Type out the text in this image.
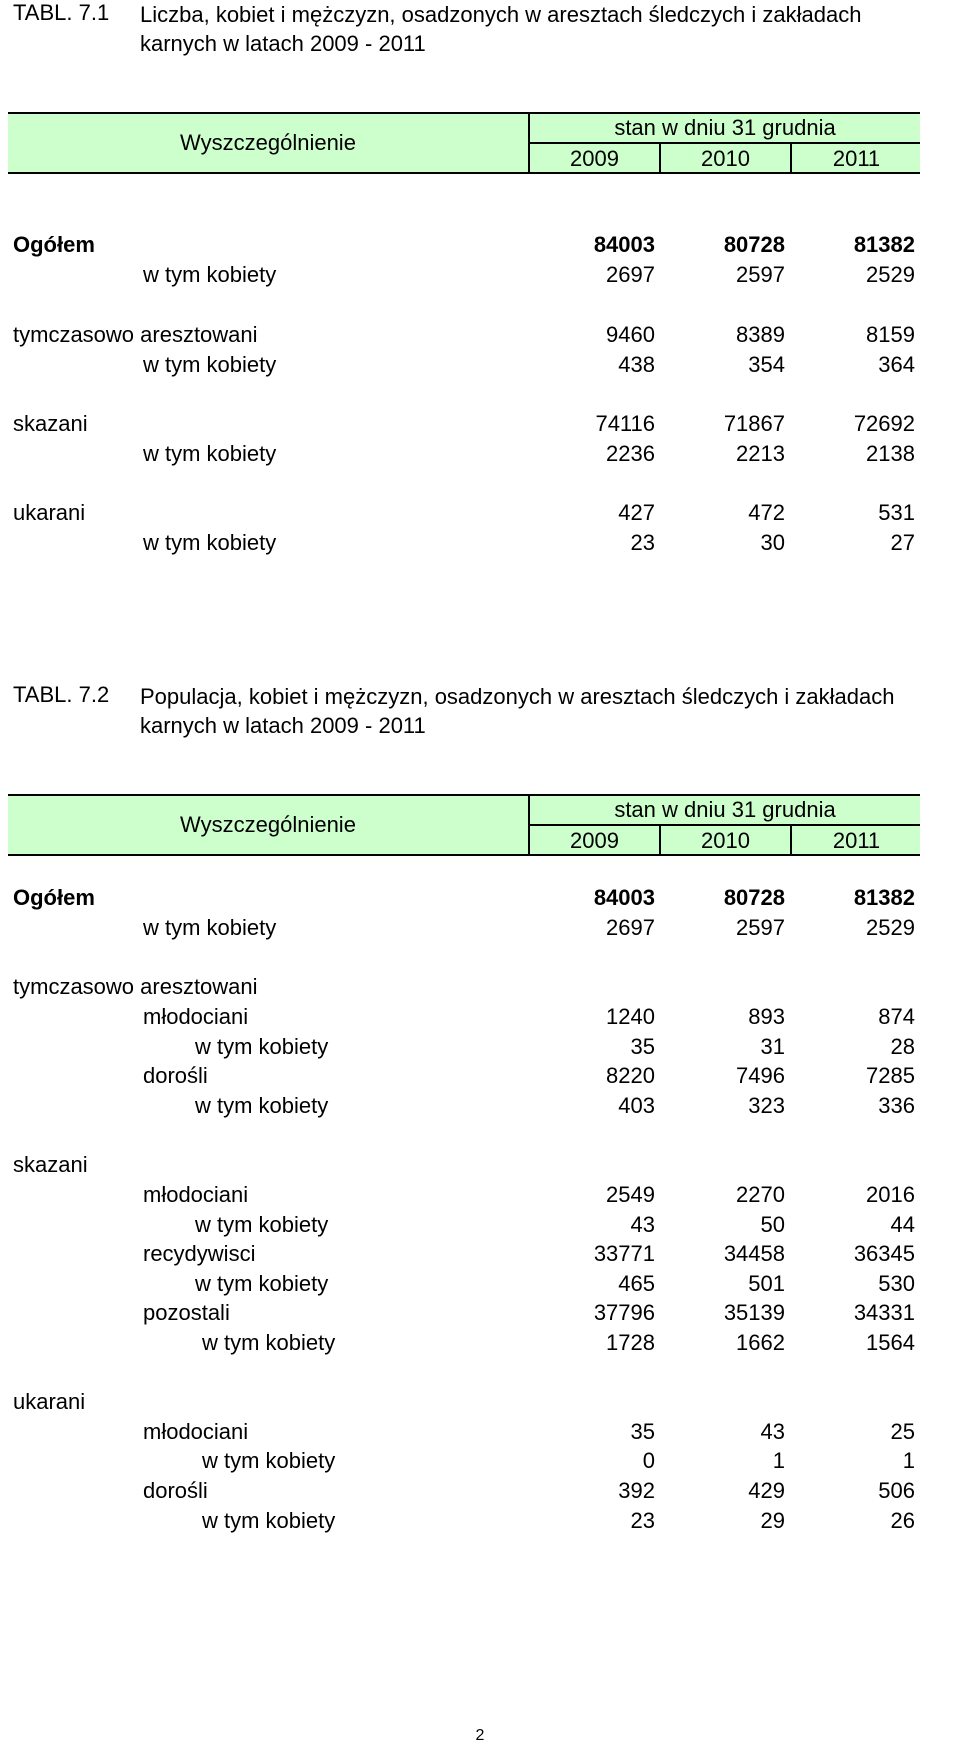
TABL. 7.1 Liczba, kobiet i mężczyzn, osadzonych w aresztach śledczych i zakładach
karnych w latach 2009 - 2011
Wyszczególnienie
stan w dniu 31 grudnia
2009	2010	2011
Ogółem	84003	80728	81382
w tym kobiety	2697	2597	2529
tymczasowo aresztowani	9460	8389	8159
w tym kobiety	438	354	364
skazani	74116	71867	72692
w tym kobiety	2236	2213	2138
ukarani	427	472	531
w tym kobiety	23	30	27
TABL. 7.2 Populacja, kobiet i mężczyzn, osadzonych w aresztach śledczych i zakładach
karnych w latach 2009 - 2011
Wyszczególnienie
stan w dniu 31 grudnia
2009	2010	2011
Ogółem	84003	80728	81382
w tym kobiety	2697	2597	2529
tymczasowo aresztowani
młodociani	1240	893	874
w tym kobiety	35	31	28
dorośli	8220	7496	7285
w tym kobiety	403	323	336
skazani
młodociani	2549	2270	2016
w tym kobiety	43	50	44
recydywisci	33771	34458	36345
w tym kobiety	465	501	530
pozostali	37796	35139	34331
w tym kobiety	1728	1662	1564
ukarani
młodociani	35	43	25
w tym kobiety	0	1	1
dorośli	392	429	506
w tym kobiety	23	29	26
2
